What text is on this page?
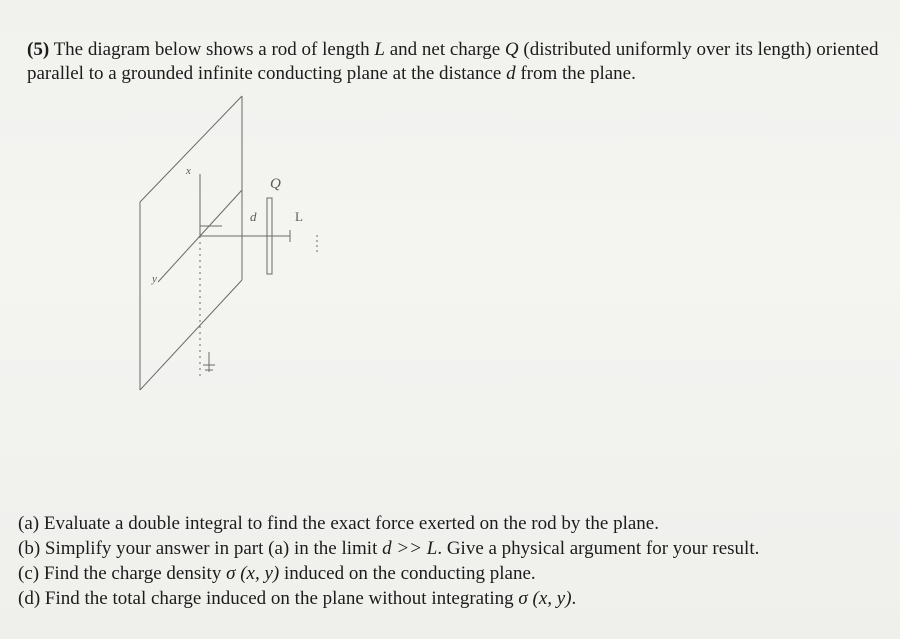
(5) The diagram below shows a rod of length L and net charge Q (distributed uniformly over its length) oriented parallel to a grounded infinite conducting plane at the distance d from the plane.
x
y
d
Q
L
(a) Evaluate a double integral to find the exact force exerted on the rod by the plane.
(b) Simplify your answer in part (a) in the limit d >> L. Give a physical argument for your result.
(c) Find the charge density σ (x, y) induced on the conducting plane.
(d) Find the total charge induced on the plane without integrating σ (x, y).
